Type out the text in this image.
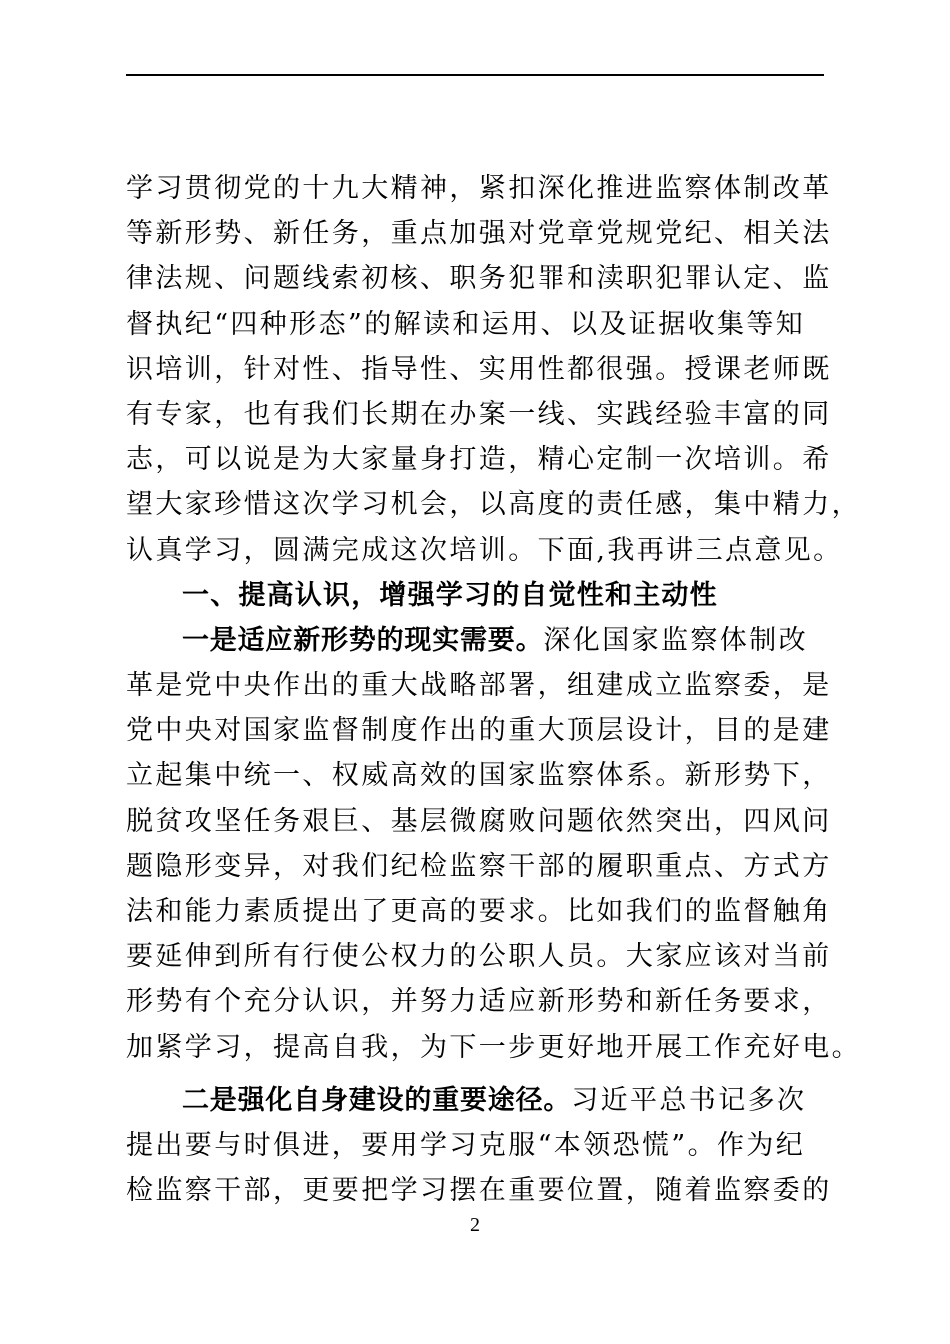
学习贯彻党的十九大精神，紧扣深化推进监察体制改革
等新形势、新任务，重点加强对党章党规党纪、相关法
律法规、问题线索初核、职务犯罪和渎职犯罪认定、监
督执纪“四种形态”的解读和运用、以及证据收集等知
识培训，针对性、指导性、实用性都很强。授课老师既
有专家，也有我们长期在办案一线、实践经验丰富的同
志，可以说是为大家量身打造，精心定制一次培训。希
望大家珍惜这次学习机会，以高度的责任感，集中精力，
认真学习，圆满完成这次培训。下面,我再讲三点意见。
一、提高认识，增强学习的自觉性和主动性
一是适应新形势的现实需要。深化国家监察体制改
革是党中央作出的重大战略部署，组建成立监察委，是
党中央对国家监督制度作出的重大顶层设计，目的是建
立起集中统一、权威高效的国家监察体系。新形势下，
脱贫攻坚任务艰巨、基层微腐败问题依然突出，四风问
题隐形变异，对我们纪检监察干部的履职重点、方式方
法和能力素质提出了更高的要求。比如我们的监督触角
要延伸到所有行使公权力的公职人员。大家应该对当前
形势有个充分认识，并努力适应新形势和新任务要求，
加紧学习，提高自我，为下一步更好地开展工作充好电。
二是强化自身建设的重要途径。习近平总书记多次
提出要与时俱进，要用学习克服“本领恐慌”。作为纪
检监察干部，更要把学习摆在重要位置，随着监察委的
2
